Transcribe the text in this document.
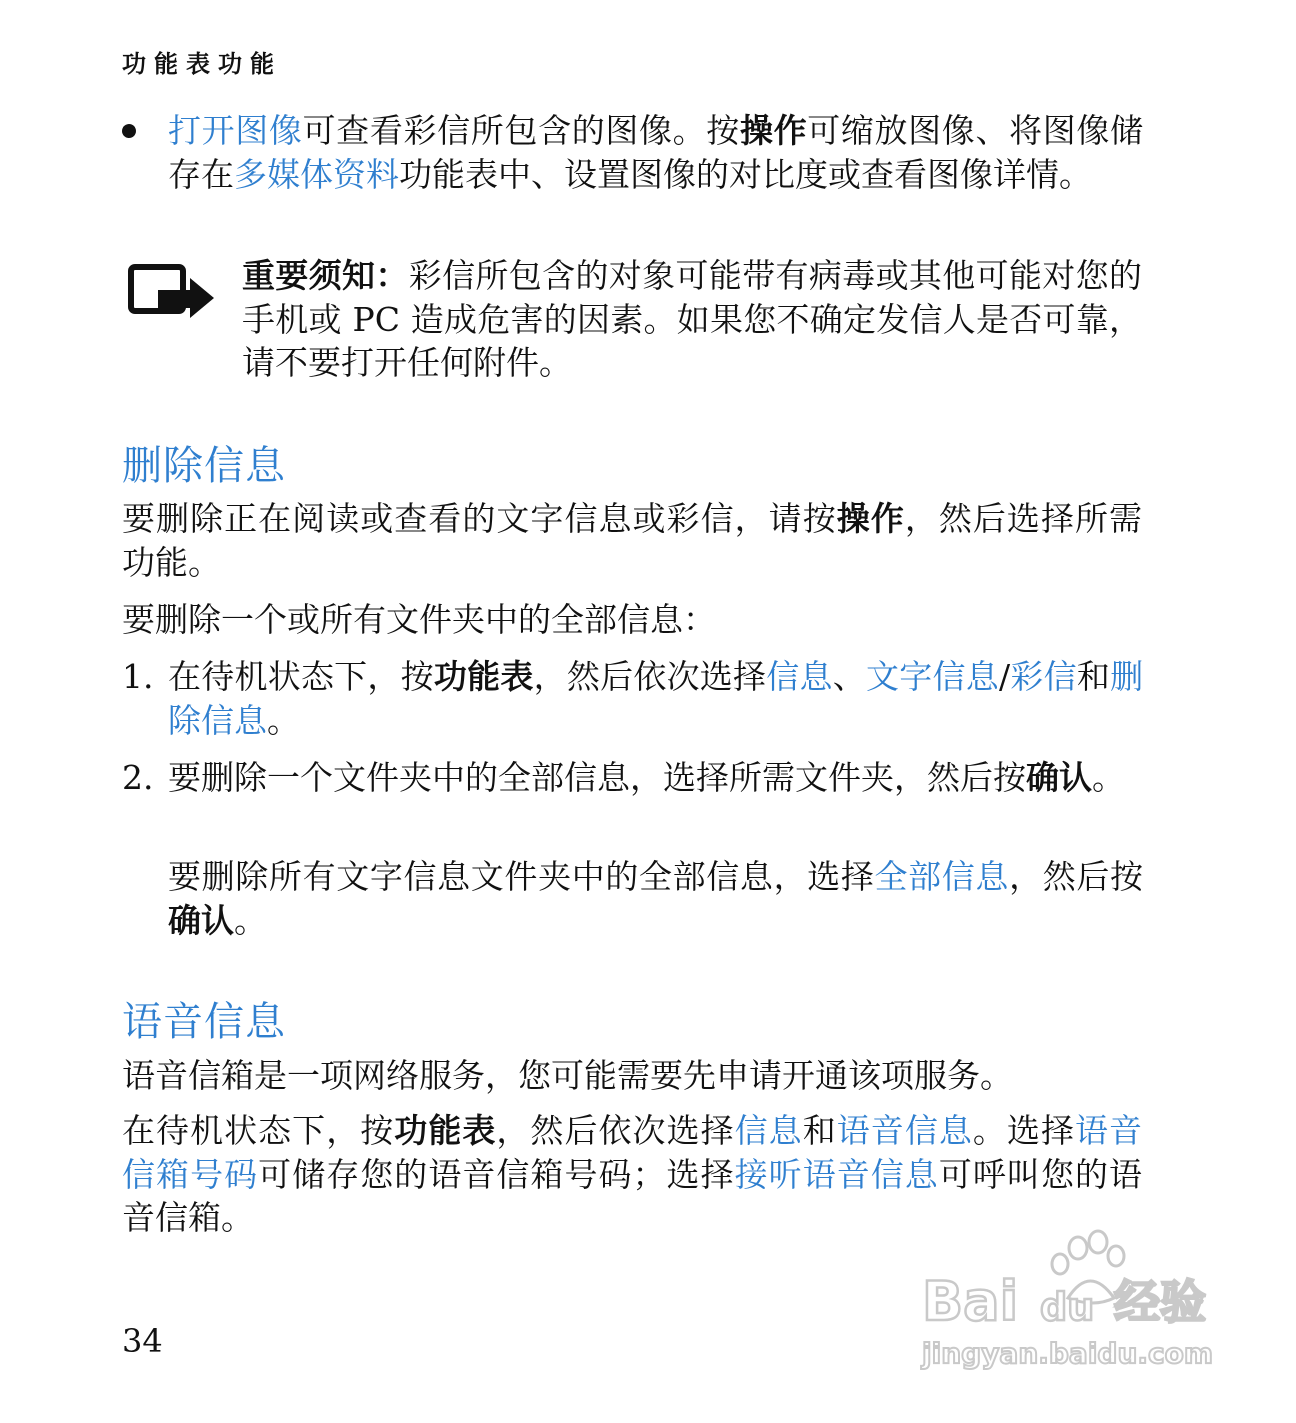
功能表功能
打开图像可查看彩信所包含的图像。按操作可缩放图像、将图像储存在多媒体资料功能表中、设置图像的对比度或查看图像详情。
重要须知：彩信所包含的对象可能带有病毒或其他可能对您的手机或 PC 造成危害的因素。如果您不确定发信人是否可靠，请不要打开任何附件。
删除信息
要删除正在阅读或查看的文字信息或彩信，请按操作，然后选择所需功能。
要删除一个或所有文件夹中的全部信息：
1. 在待机状态下，按功能表，然后依次选择信息、文字信息/彩信和删除信息。
2. 要删除一个文件夹中的全部信息，选择所需文件夹，然后按确认。
要删除所有文字信息文件夹中的全部信息，选择全部信息，然后按确认。
语音信息
语音信箱是一项网络服务，您可能需要先申请开通该项服务。
在待机状态下，按功能表，然后依次选择信息和语音信息。选择语音信箱号码可储存您的语音信箱号码；选择接听语音信息可呼叫您的语音信箱。
34
Bai du 经验
jingyan.baidu.com
